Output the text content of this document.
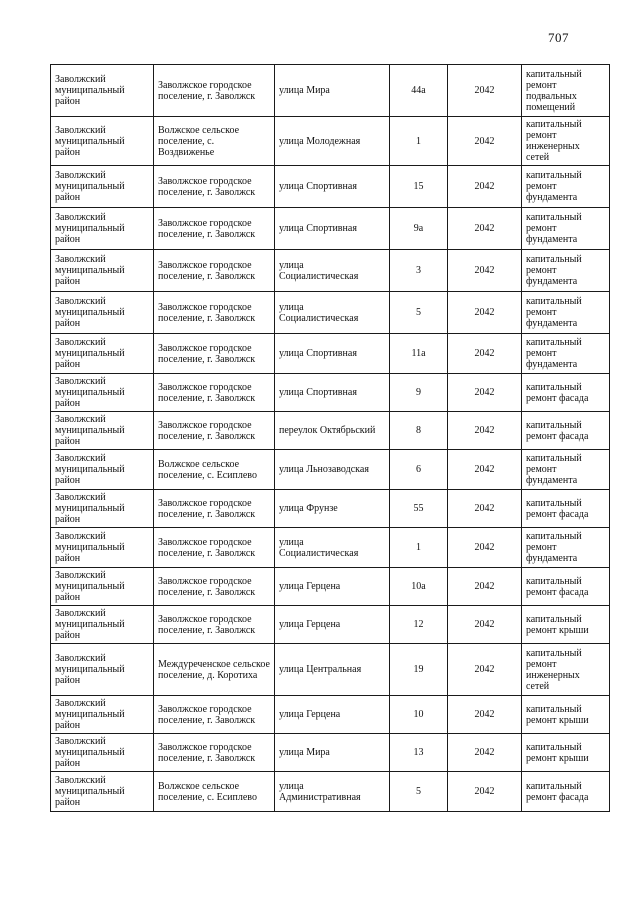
707
Заволжский муниципальный район	Заволжское городское поселение, г. Заволжск	улица Мира	44а	2042	капитальный ремонт подвальных помещений
Заволжский муниципальный район	Волжское сельское поселение, с. Воздвиженье	улица Молодежная	1	2042	капитальный ремонт инженерных сетей
Заволжский муниципальный район	Заволжское городское поселение, г. Заволжск	улица Спортивная	15	2042	капитальный ремонт фундамента
Заволжский муниципальный район	Заволжское городское поселение, г. Заволжск	улица Спортивная	9а	2042	капитальный ремонт фундамента
Заволжский муниципальный район	Заволжское городское поселение, г. Заволжск	улица Социалистическая	3	2042	капитальный ремонт фундамента
Заволжский муниципальный район	Заволжское городское поселение, г. Заволжск	улица Социалистическая	5	2042	капитальный ремонт фундамента
Заволжский муниципальный район	Заволжское городское поселение, г. Заволжск	улица Спортивная	11а	2042	капитальный ремонт фундамента
Заволжский муниципальный район	Заволжское городское поселение, г. Заволжск	улица Спортивная	9	2042	капитальный ремонт фасада
Заволжский муниципальный район	Заволжское городское поселение, г. Заволжск	переулок Октябрьский	8	2042	капитальный ремонт фасада
Заволжский муниципальный район	Волжское сельское поселение, с. Есиплево	улица Льнозаводская	6	2042	капитальный ремонт фундамента
Заволжский муниципальный район	Заволжское городское поселение, г. Заволжск	улица Фрунзе	55	2042	капитальный ремонт фасада
Заволжский муниципальный район	Заволжское городское поселение, г. Заволжск	улица Социалистическая	1	2042	капитальный ремонт фундамента
Заволжский муниципальный район	Заволжское городское поселение, г. Заволжск	улица Герцена	10а	2042	капитальный ремонт фасада
Заволжский муниципальный район	Заволжское городское поселение, г. Заволжск	улица Герцена	12	2042	капитальный ремонт крыши
Заволжский муниципальный район	Междуреченское сельское поселение, д. Коротиха	улица Центральная	19	2042	капитальный ремонт инженерных сетей
Заволжский муниципальный район	Заволжское городское поселение, г. Заволжск	улица Герцена	10	2042	капитальный ремонт крыши
Заволжский муниципальный район	Заволжское городское поселение, г. Заволжск	улица Мира	13	2042	капитальный ремонт крыши
Заволжский муниципальный район	Волжское сельское поселение, с. Есиплево	улица Административная	5	2042	капитальный ремонт фасада
